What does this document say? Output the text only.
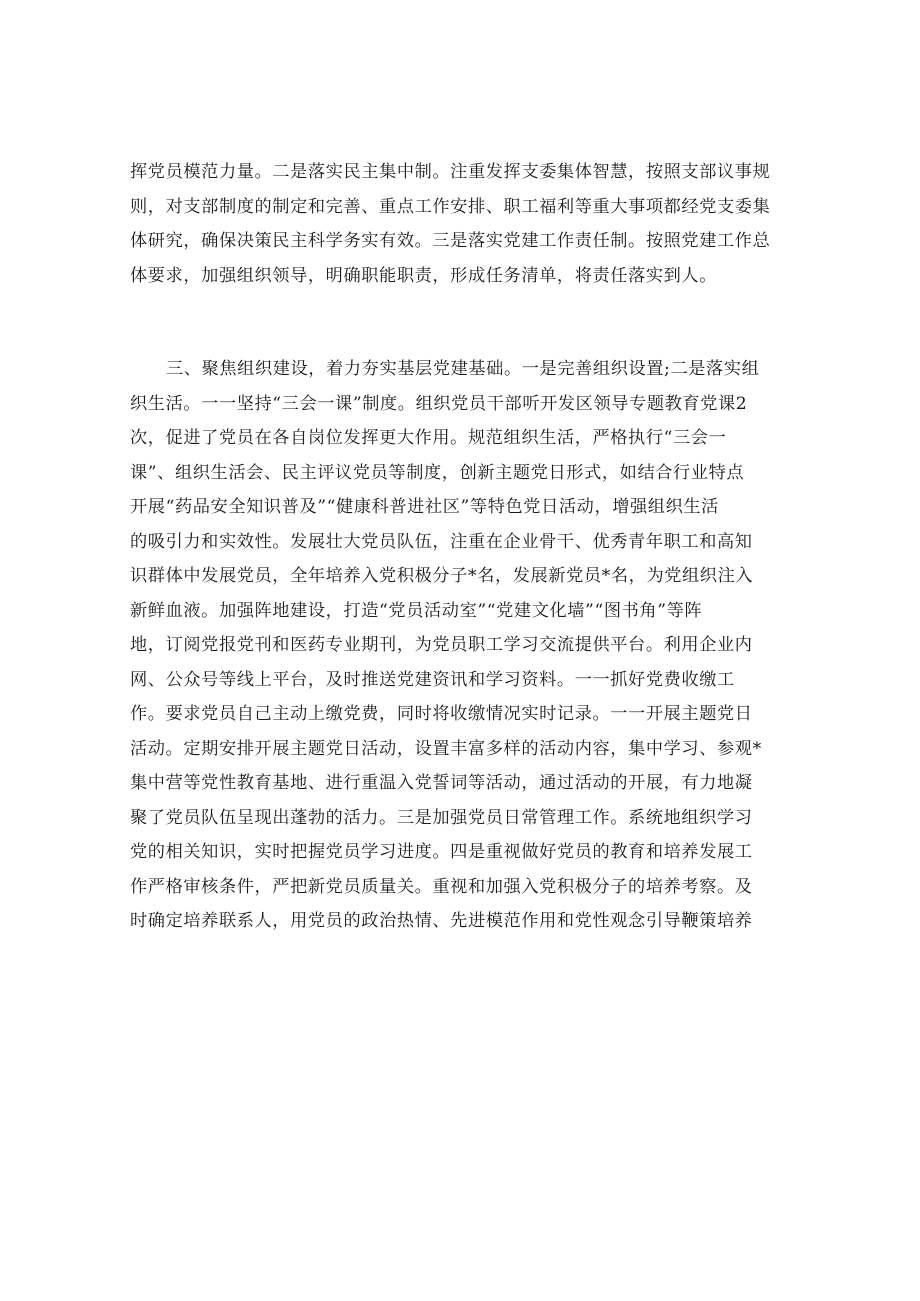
挥党员模范力量。二是落实民主集中制。注重发挥支委集体智慧，按照支部议事规
则，对支部制度的制定和完善、重点工作安排、职工福利等重大事项都经党支委集
体研究，确保决策民主科学务实有效。三是落实党建工作责任制。按照党建工作总
体要求，加强组织领导，明确职能职责，形成任务清单，将责任落实到人。
三、聚焦组织建设，着力夯实基层党建基础。一是完善组织设置;二是落实组
织生活。一一坚持“三会一课”制度。组织党员干部听开发区领导专题教育党课2
次，促进了党员在各自岗位发挥更大作用。规范组织生活，严格执行“三会一
课”、组织生活会、民主评议党员等制度，创新主题党日形式，如结合行业特点
开展“药品安全知识普及”“健康科普进社区”等特色党日活动，增强组织生活
的吸引力和实效性。发展壮大党员队伍，注重在企业骨干、优秀青年职工和高知
识群体中发展党员，全年培养入党积极分子*名，发展新党员*名，为党组织注入
新鲜血液。加强阵地建设，打造“党员活动室”“党建文化墙”“图书角”等阵
地，订阅党报党刊和医药专业期刊，为党员职工学习交流提供平台。利用企业内
网、公众号等线上平台，及时推送党建资讯和学习资料。一一抓好党费收缴工
作。要求党员自己主动上缴党费，同时将收缴情况实时记录。一一开展主题党日
活动。定期安排开展主题党日活动，设置丰富多样的活动内容，集中学习、参观*
集中营等党性教育基地、进行重温入党誓词等活动，通过活动的开展，有力地凝
聚了党员队伍呈现出蓬勃的活力。三是加强党员日常管理工作。系统地组织学习
党的相关知识，实时把握党员学习进度。四是重视做好党员的教育和培养发展工
作严格审核条件，严把新党员质量关。重视和加强入党积极分子的培养考察。及
时确定培养联系人，用党员的政治热情、先进模范作用和党性观念引导鞭策培养
